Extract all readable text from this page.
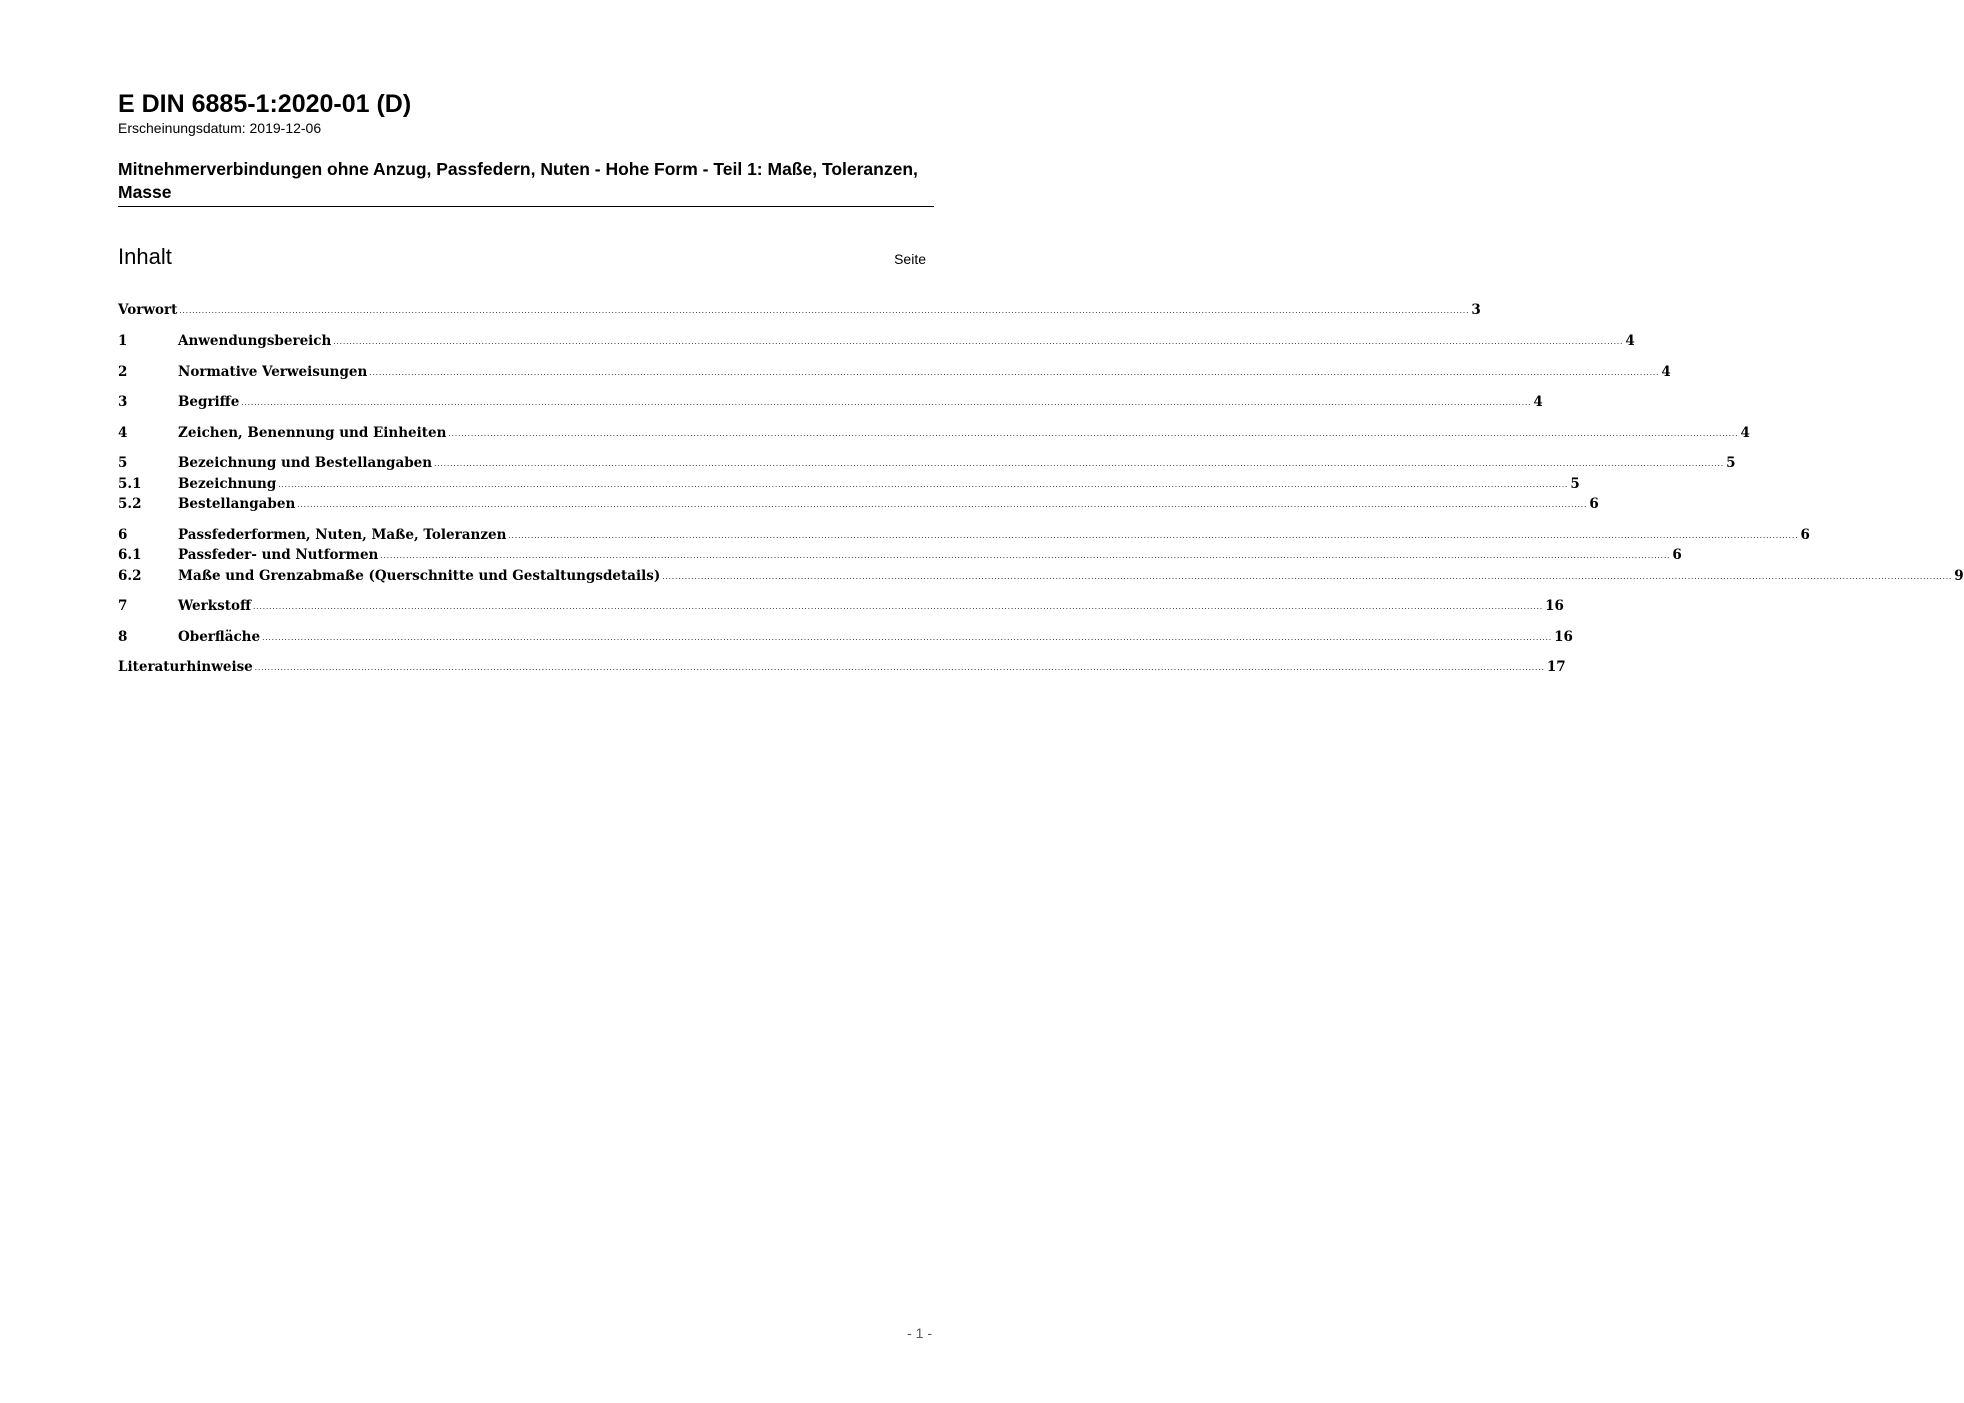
E DIN 6885-1:2020-01 (D)

Erscheinungsdatum: 2019-12-06

Mitnehmerverbindungen ohne Anzug, Passfedern, Nuten - Hohe Form - Teil 1: Maße, Toleranzen, Masse

Inhalt	Seite
Vorwort ................................................................................................................................................................................................................................................................................................................................................................................................................ 3
1	Anwendungsbereich ................................................................................................................................................................................................................................................................................................................................................................................................................ 4
2	Normative Verweisungen ................................................................................................................................................................................................................................................................................................................................................................................................................ 4
3	Begriffe ................................................................................................................................................................................................................................................................................................................................................................................................................ 4
4	Zeichen, Benennung und Einheiten ................................................................................................................................................................................................................................................................................................................................................................................................................ 4
5	Bezeichnung und Bestellangaben ................................................................................................................................................................................................................................................................................................................................................................................................................ 5
5.1	Bezeichnung ................................................................................................................................................................................................................................................................................................................................................................................................................ 5
5.2	Bestellangaben ................................................................................................................................................................................................................................................................................................................................................................................................................ 6
6	Passfederformen, Nuten, Maße, Toleranzen ................................................................................................................................................................................................................................................................................................................................................................................................................ 6
6.1	Passfeder- und Nutformen ................................................................................................................................................................................................................................................................................................................................................................................................................ 6
6.2	Maße und Grenzabmaße (Querschnitte und Gestaltungsdetails) ................................................................................................................................................................................................................................................................................................................................................................................................................ 9
7	Werkstoff ................................................................................................................................................................................................................................................................................................................................................................................................................ 16
8	Oberfläche ................................................................................................................................................................................................................................................................................................................................................................................................................ 16
Literaturhinweise ................................................................................................................................................................................................................................................................................................................................................................................................................ 17
- 1 -
